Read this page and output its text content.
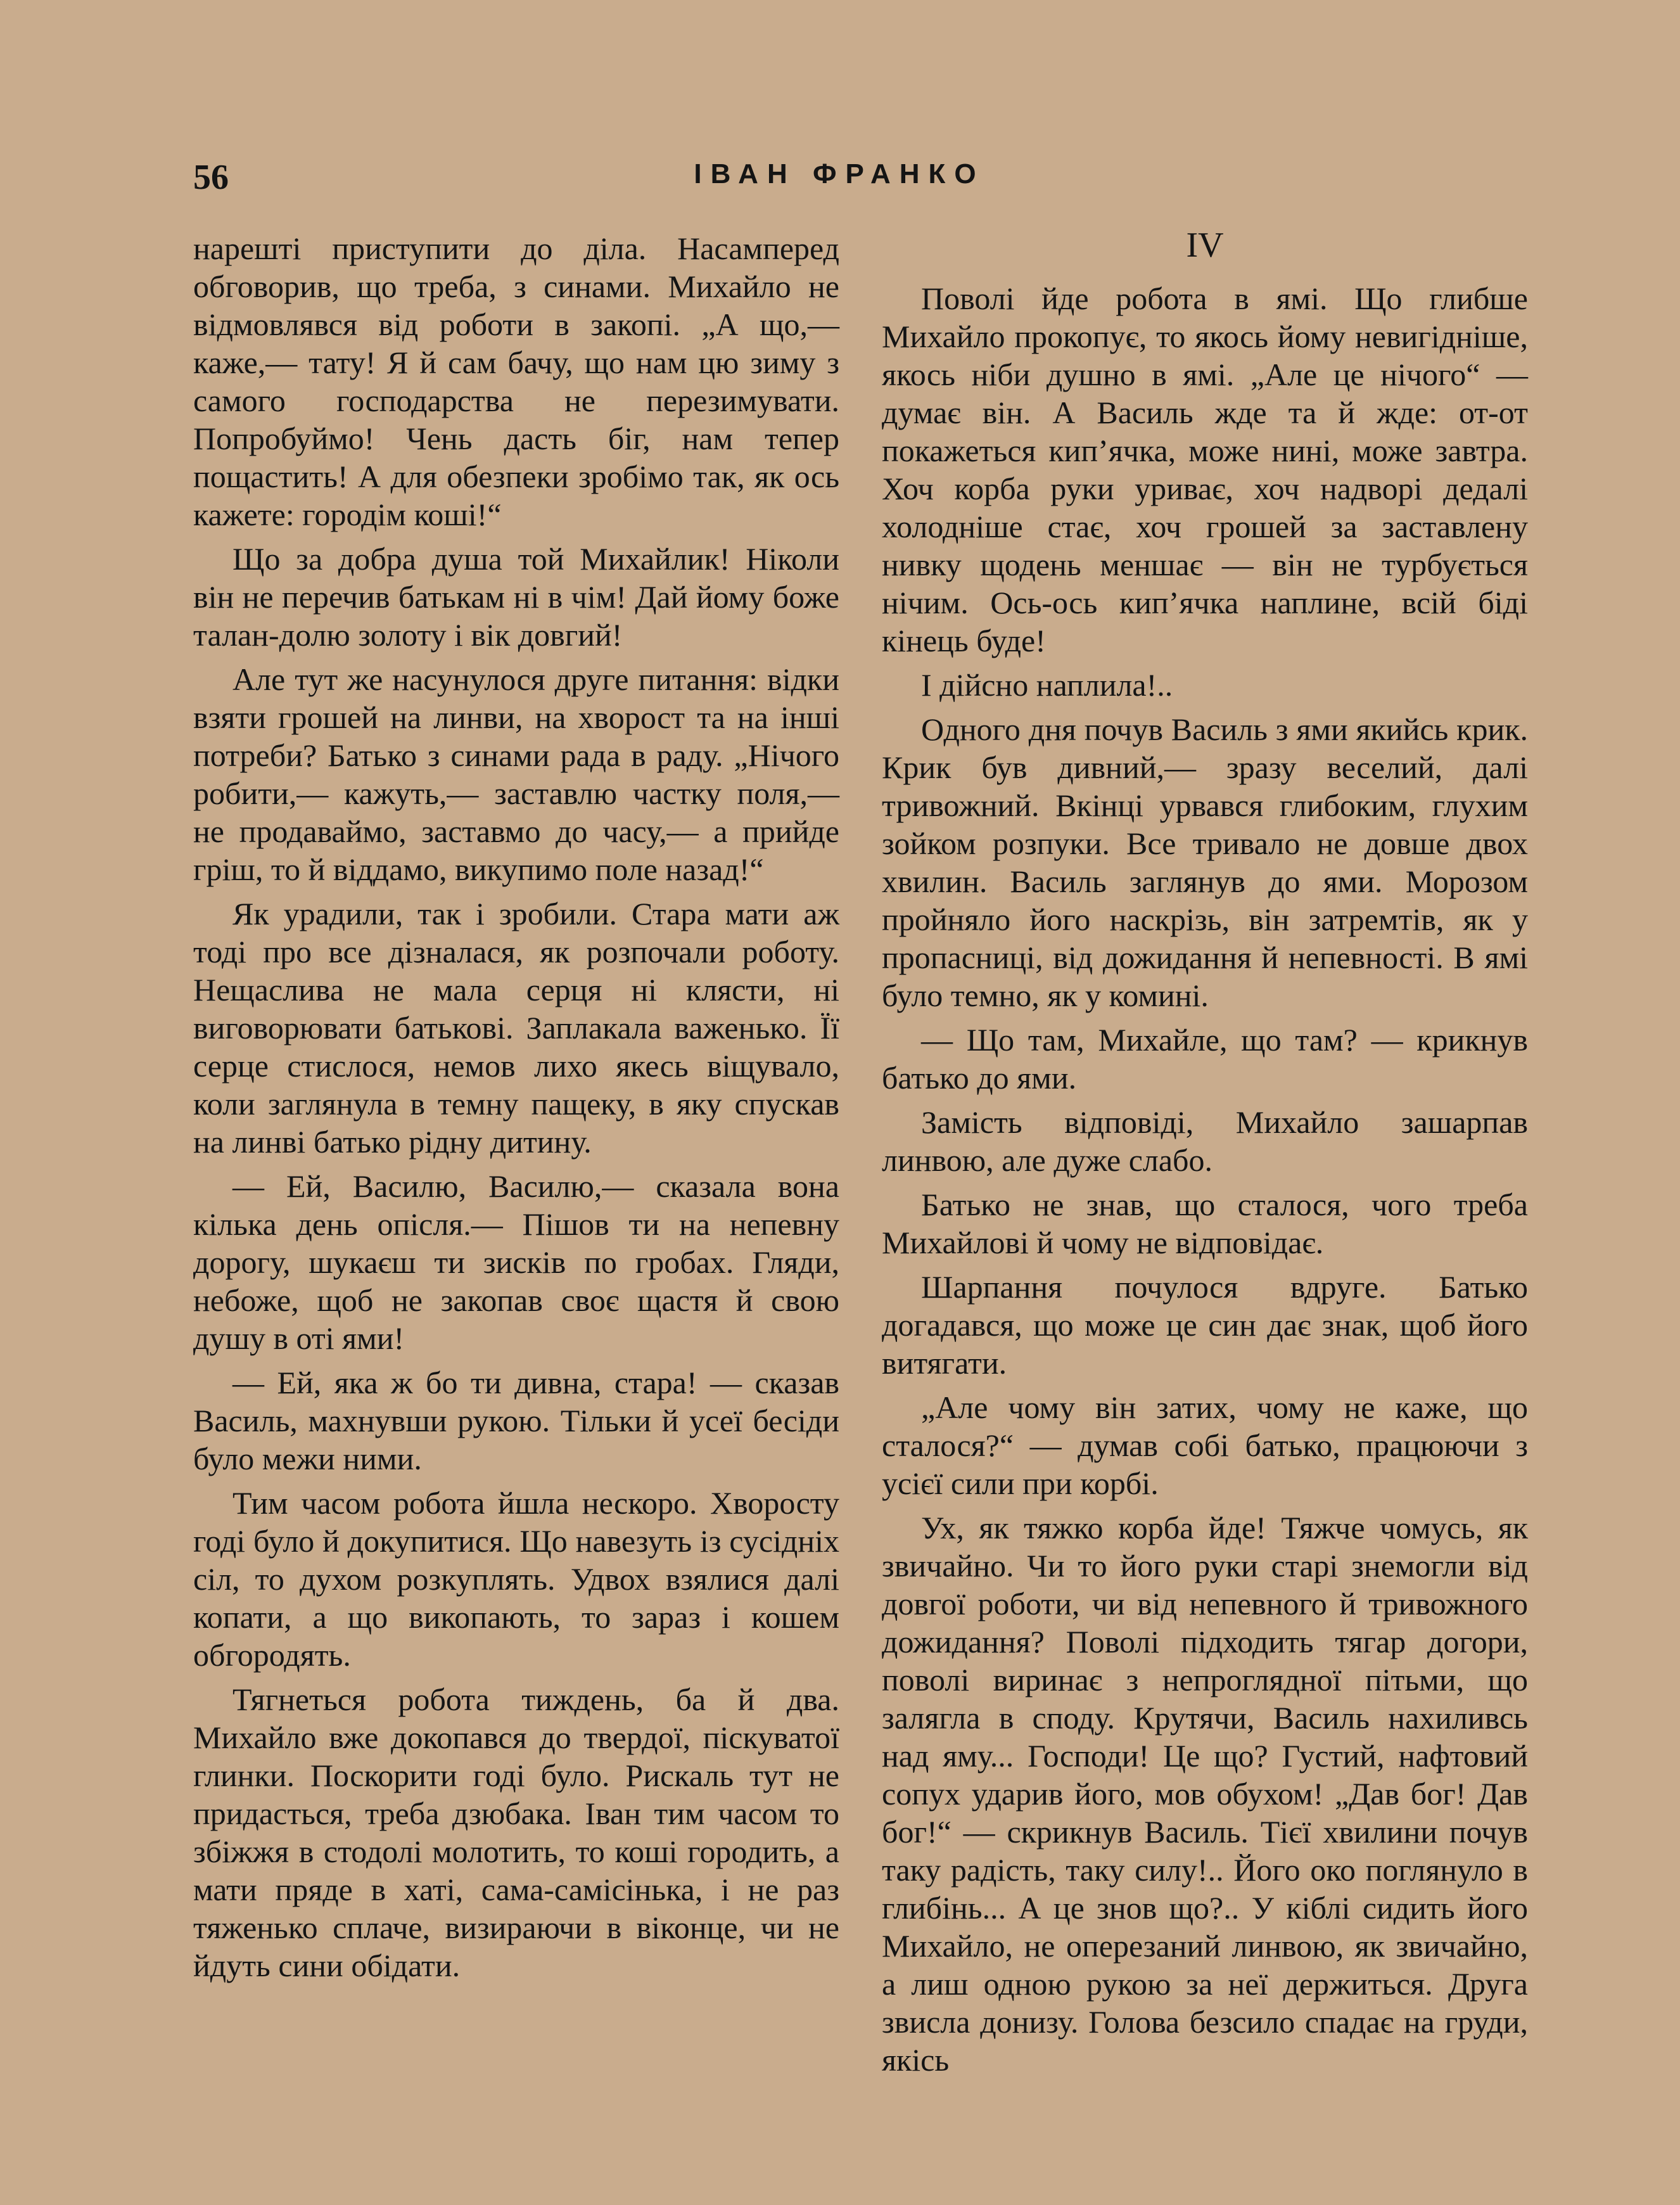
56	ІВАН ФРАНКО

нарешті приступити до діла. Насамперед обговорив, що треба, з синами. Михайло не відмовлявся від роботи в закопі. „А що,— каже,— тату! Я й сам бачу, що нам цю зиму з самого господарства не перезимувати. Попробуймо! Чень дасть біг, нам тепер пощастить! А для обезпеки зробімо так, як ось кажете: городім коші!“

Що за добра душа той Михайлик! Ніколи він не перечив батькам ні в чім! Дай йому боже талан-долю золоту і вік довгий!

Але тут же насунулося друге питання: відки взяти грошей на линви, на хворост та на інші потреби? Батько з синами рада в раду. „Нічого робити,— кажуть,— заставлю частку поля,— не продаваймо, заставмо до часу,— а прийде гріш, то й віддамо, викупимо поле назад!“

Як урадили, так і зробили. Стара мати аж тоді про все дізналася, як розпочали роботу. Нещаслива не мала серця ні клясти, ні виговорювати батькові. Заплакала важенько. Її серце стислося, немов лихо якесь віщувало, коли заглянула в темну пащеку, в яку спускав на линві батько рідну дитину.

— Ей, Василю, Василю,— сказала вона кілька день опісля.— Пішов ти на непевну дорогу, шукаєш ти зисків по гробах. Гляди, небоже, щоб не закопав своє щастя й свою душу в оті ями!

— Ей, яка ж бо ти дивна, стара! — сказав Василь, махнувши рукою. Тільки й усеї бесіди було межи ними.

Тим часом робота йшла нескоро. Хворосту годі було й докупитися. Що навезуть із сусідніх сіл, то духом розкуплять. Удвох взялися далі копати, а що викопають, то зараз і кошем обгородять.

Тягнеться робота тиждень, ба й два. Михайло вже докопався до твердої, піскуватої глинки. Поскорити годі було. Рискаль тут не придасться, треба дзюбака. Іван тим часом то збіжжя в стодолі молотить, то коші городить, а мати пряде в хаті, сама-самісінька, і не раз тяженько сплаче, визираючи в віконце, чи не йдуть сини обідати.

IV

Поволі йде робота в ямі. Що глибше Михайло прокопує, то якось йому невигідніше, якось ніби душно в ямі. „Але це нічого“ — думає він. А Василь жде та й жде: от-от покажеться кип’ячка, може нині, може завтра. Хоч корба руки уриває, хоч надворі дедалі холодніше стає, хоч грошей за заставлену нивку щодень меншає — він не турбується нічим. Ось-ось кип’ячка наплине, всій біді кінець буде!

І дійсно наплила!..

Одного дня почув Василь з ями якийсь крик. Крик був дивний,— зразу веселий, далі тривожний. Вкінці урвався глибоким, глухим зойком розпуки. Все тривало не довше двох хвилин. Василь заглянув до ями. Морозом пройняло його наскрізь, він затремтів, як у пропасниці, від дожидання й непевності. В ямі було темно, як у комині.

— Що там, Михайле, що там? — крикнув батько до ями.

Замість відповіді, Михайло зашарпав линвою, але дуже слабо.

Батько не знав, що сталося, чого треба Михайлові й чому не відповідає.

Шарпання почулося вдруге. Батько догадався, що може це син дає знак, щоб його витягати.

„Але чому він затих, чому не каже, що сталося?“ — думав собі батько, працюючи з усієї сили при корбі.

Ух, як тяжко корба йде! Тяжче чомусь, як звичайно. Чи то його руки старі знемогли від довгої роботи, чи від непевного й тривожного дожидання? Поволі підходить тягар догори, поволі виринає з непроглядної пітьми, що залягла в споду. Крутячи, Василь нахиливсь над яму... Господи! Це що? Густий, нафтовий сопух ударив його, мов обухом! „Дав бог! Дав бог!“ — скрикнув Василь. Тієї хвилини почув таку радість, таку силу!.. Його око поглянуло в глибінь... А це знов що?.. У кіблі сидить його Михайло, не оперезаний линвою, як звичайно, а лиш одною рукою за неї держиться. Друга звисла донизу. Голова безсило спадає на груди, якісь
